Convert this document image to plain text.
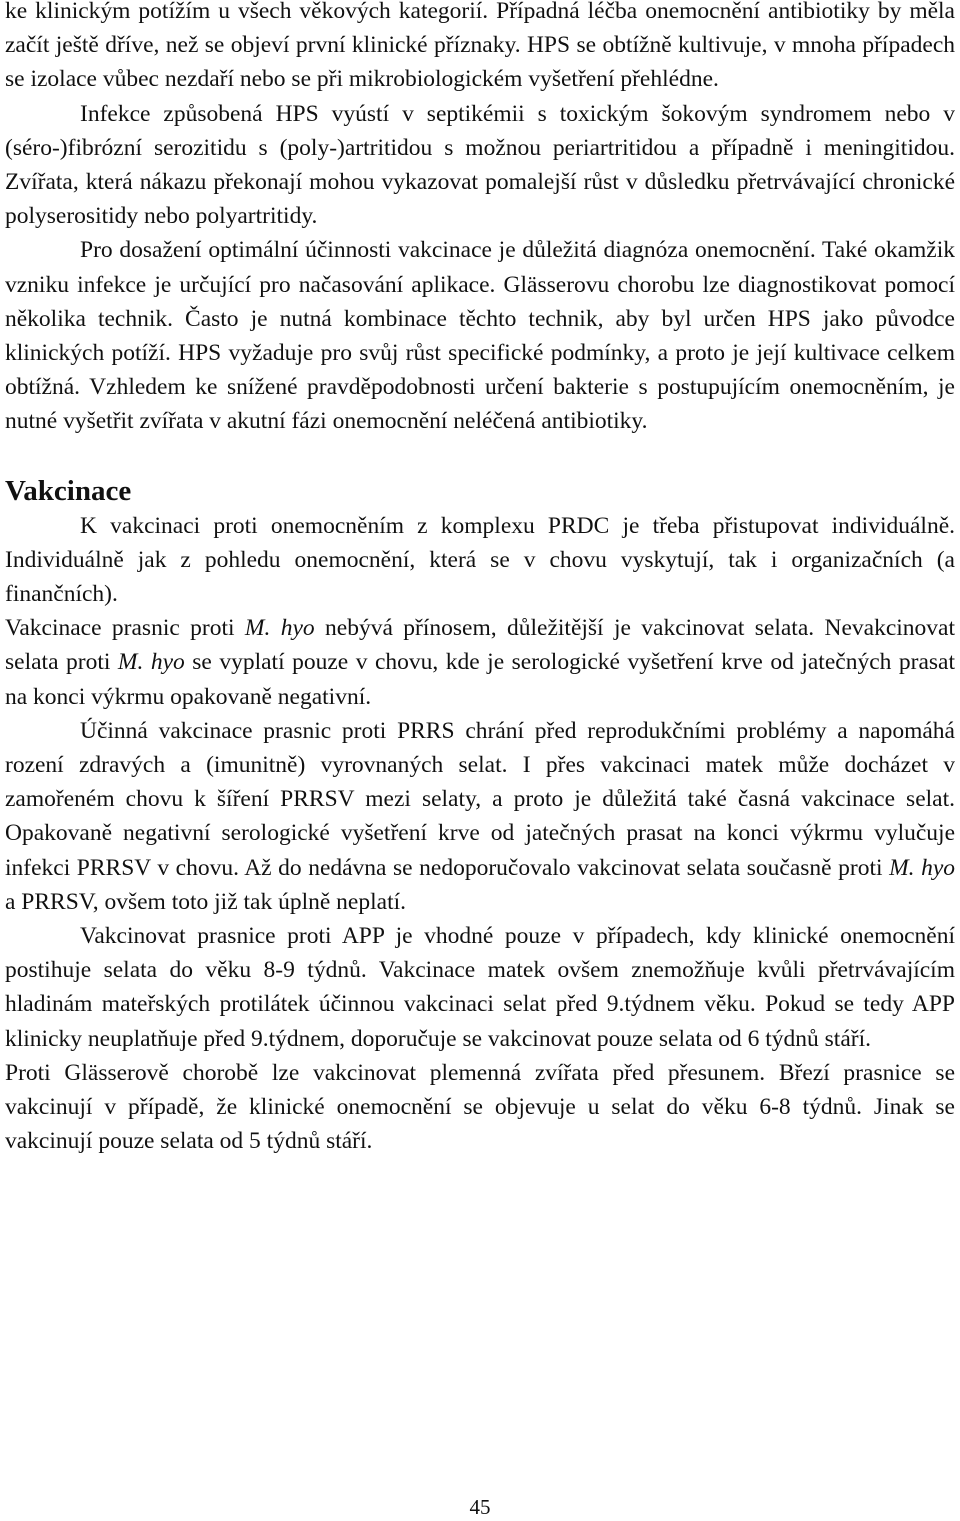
ke klinickým potížím u všech věkových kategorií. Případná léčba onemocnění antibiotiky by měla začít ještě dříve, než se objeví první klinické příznaky. HPS se obtížně kultivuje, v mnoha případech se izolace vůbec nezdaří nebo se při mikrobiologickém vyšetření přehlédne.

Infekce způsobená HPS vyústí v septikémii s toxickým šokovým syndromem nebo v (séro-)fibrózní serozitidu s (poly-)artritidou s možnou periartritidou a případně i meningitidou. Zvířata, která nákazu překonají mohou vykazovat pomalejší růst v důsledku přetrvávající chronické polyserositidy nebo polyartritidy.

Pro dosažení optimální účinnosti vakcinace je důležitá diagnóza onemocnění. Také okamžik vzniku infekce je určující pro načasování aplikace. Glässerovu chorobu lze diagnostikovat pomocí několika technik. Často je nutná kombinace těchto technik, aby byl určen HPS jako původce klinických potíží. HPS vyžaduje pro svůj růst specifické podmínky, a proto je její kultivace celkem obtížná. Vzhledem ke snížené pravděpodobnosti určení bakterie s postupujícím onemocněním, je nutné vyšetřit zvířata v akutní fázi onemocnění neléčená antibiotiky.

Vakcinace

K vakcinaci proti onemocněním z komplexu PRDC je třeba přistupovat individuálně. Individuálně jak z pohledu onemocnění, která se v chovu vyskytují, tak i organizačních (a finančních).

Vakcinace prasnic proti M. hyo nebývá přínosem, důležitější je vakcinovat selata. Nevakcinovat selata proti M. hyo se vyplatí pouze v chovu, kde je serologické vyšetření krve od jatečných prasat na konci výkrmu opakovaně negativní.

Účinná vakcinace prasnic proti PRRS chrání před reprodukčními problémy a napomáhá rození zdravých a (imunitně) vyrovnaných selat. I přes vakcinaci matek může docházet v zamořeném chovu k šíření PRRSV mezi selaty, a proto je důležitá také časná vakcinace selat. Opakovaně negativní serologické vyšetření krve od jatečných prasat na konci výkrmu vylučuje infekci PRRSV v chovu. Až do nedávna se nedoporučovalo vakcinovat selata současně proti M. hyo a PRRSV, ovšem toto již tak úplně neplatí.

Vakcinovat prasnice proti APP je vhodné pouze v případech, kdy klinické onemocnění postihuje selata do věku 8-9 týdnů. Vakcinace matek ovšem znemožňuje kvůli přetrvávajícím hladinám mateřských protilátek účinnou vakcinaci selat před 9.týdnem věku. Pokud se tedy APP klinicky neuplatňuje před 9.týdnem, doporučuje se vakcinovat pouze selata od 6 týdnů stáří.

Proti Glässerově chorobě lze vakcinovat plemenná zvířata před přesunem. Březí prasnice se vakcinují v případě, že klinické onemocnění se objevuje u selat do věku 6-8 týdnů. Jinak se vakcinují pouze selata od 5 týdnů stáří.

45
